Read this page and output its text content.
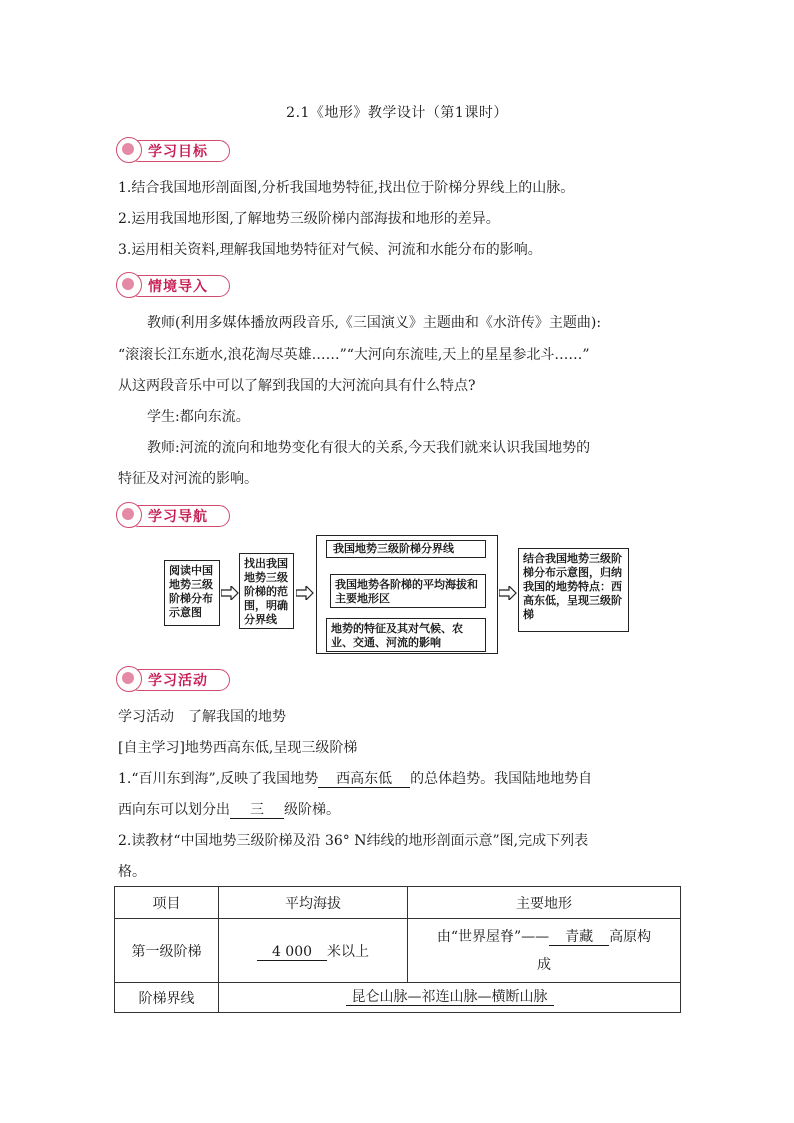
2.1《地形》教学设计（第1课时）
学习目标
1.结合我国地形剖面图,分析我国地势特征,找出位于阶梯分界线上的山脉。
2.运用我国地形图,了解地势三级阶梯内部海拔和地形的差异。
3.运用相关资料,理解我国地势特征对气候、河流和水能分布的影响。
情境导入
教师(利用多媒体播放两段音乐,《三国演义》主题曲和《水浒传》主题曲):
“滚滚长江东逝水,浪花淘尽英雄……”“大河向东流哇,天上的星星参北斗……”
从这两段音乐中可以了解到我国的大河流向具有什么特点?
学生:都向东流。
教师:河流的流向和地势变化有很大的关系,今天我们就来认识我国地势的
特征及对河流的影响。
学习导航
阅读中国地势三级阶梯分布示意图
找出我国地势三级阶梯的范围，明确分界线
我国地势三级阶梯分界线
我国地势各阶梯的平均海拔和主要地形区
地势的特征及其对气候、农业、交通、河流的影响
结合我国地势三级阶梯分布示意图，归纳我国的地势特点：西高东低，呈现三级阶梯
学习活动
学习活动　了解我国的地势
[自主学习]地势西高东低,呈现三级阶梯
1.“百川东到海”,反映了我国地势 西高东低 的总体趋势。我国陆地地势自
西向东可以划分出 三 级阶梯。
2.读教材“中国地势三级阶梯及沿 36° N纬线的地形剖面示意”图,完成下列表
格。
项目	平均海拔	主要地形
第一级阶梯	4 000 米以上	由“世界屋脊”—— 青藏 高原构
成
阶梯界线	昆仑山脉—祁连山脉—横断山脉	
